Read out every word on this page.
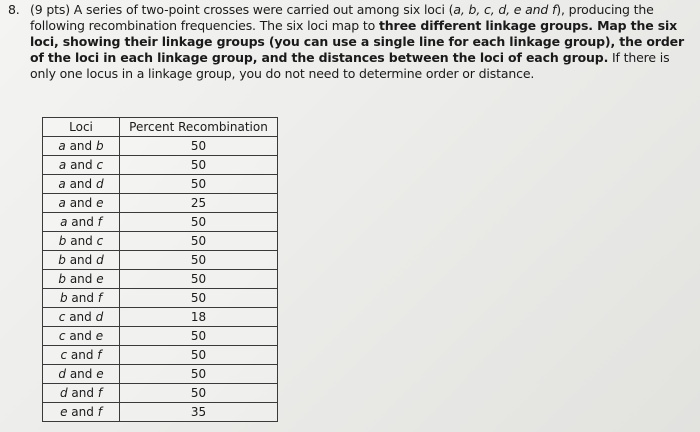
8. (9 pts) A series of two-point crosses were carried out among six loci (a, b, c, d, e and f), producing the following recombination frequencies. The six loci map to three different linkage groups. Map the six loci, showing their linkage groups (you can use a single line for each linkage group), the order of the loci in each linkage group, and the distances between the loci of each group. If there is only one locus in a linkage group, you do not need to determine order or distance.
Loci	Percent Recombination
a and b	50
a and c	50
a and d	50
a and e	25
a and f	50
b and c	50
b and d	50
b and e	50
b and f	50
c and d	18
c and e	50
c and f	50
d and e	50
d and f	50
e and f	35
